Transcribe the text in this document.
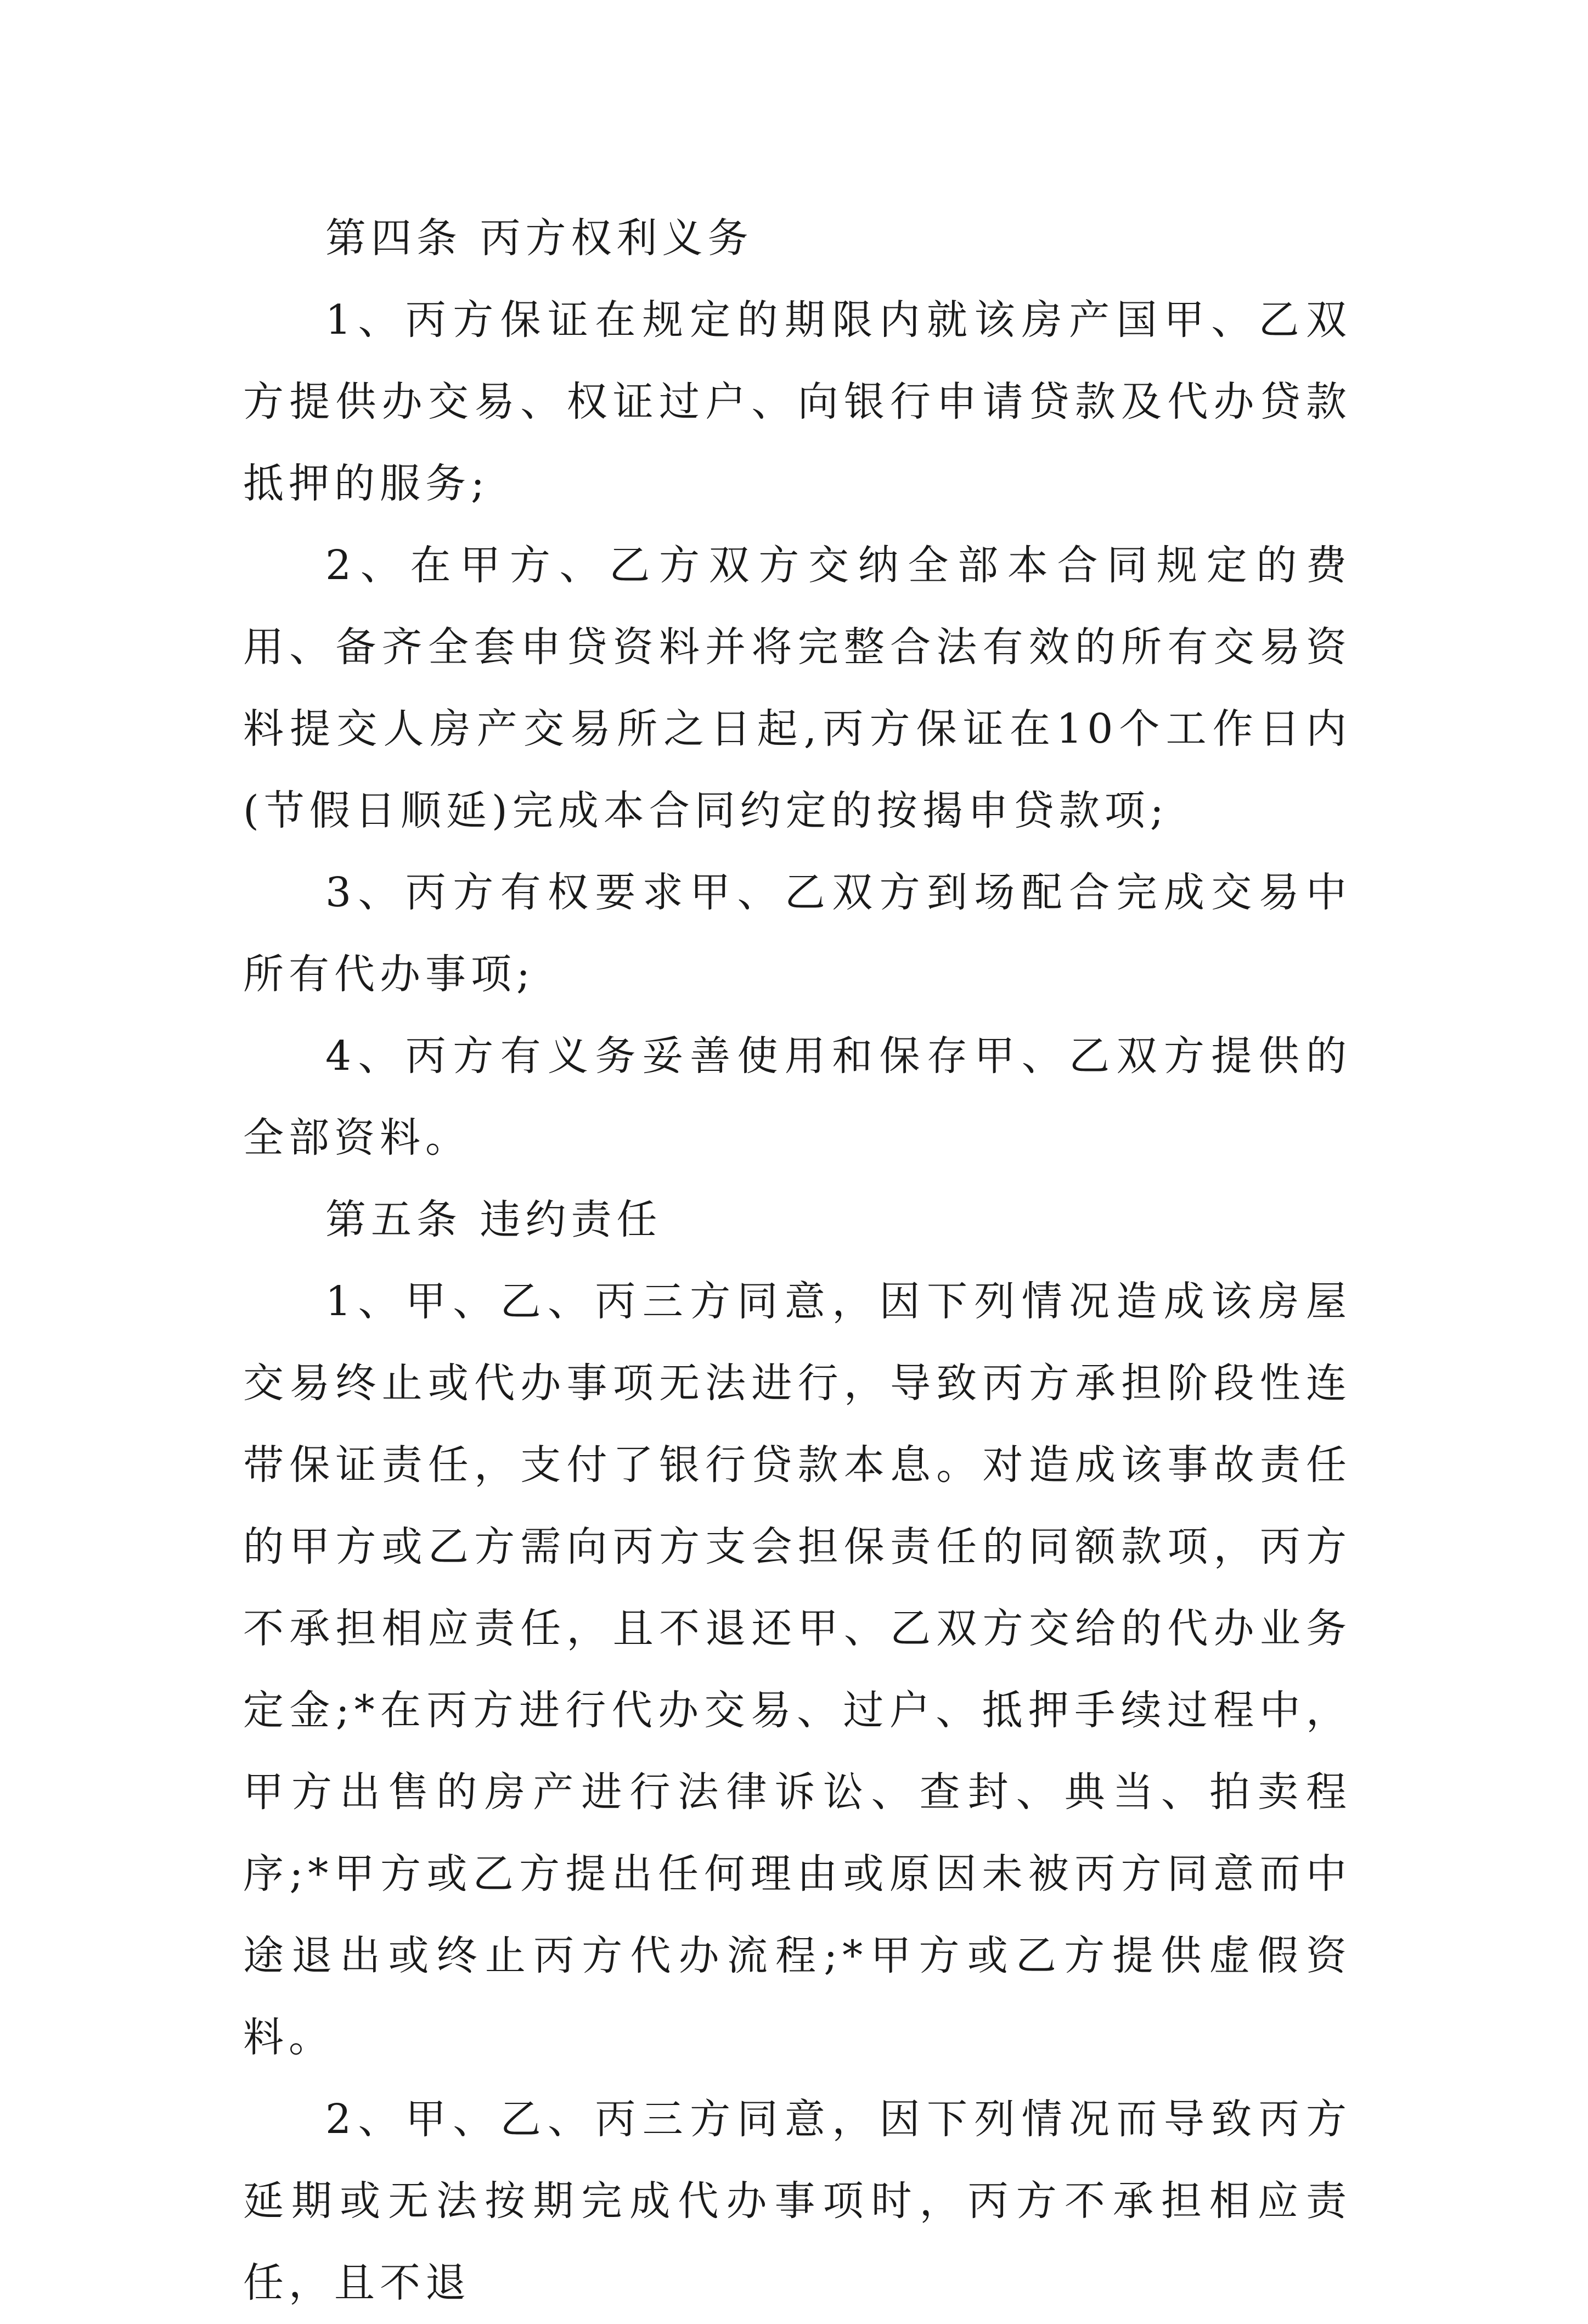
第四条 丙方权利义务

1、丙方保证在规定的期限内就该房产国甲、乙双方提供办交易、权证过户、向银行申请贷款及代办贷款抵押的服务;

2、在甲方、乙方双方交纳全部本合同规定的费用、备齐全套申贷资料并将完整合法有效的所有交易资料提交人房产交易所之日起,丙方保证在10个工作日内(节假日顺延)完成本合同约定的按揭申贷款项;

3、丙方有权要求甲、乙双方到场配合完成交易中所有代办事项;

4、丙方有义务妥善使用和保存甲、乙双方提供的全部资料。

第五条 违约责任

1、甲、乙、丙三方同意，因下列情况造成该房屋交易终止或代办事项无法进行，导致丙方承担阶段性连带保证责任，支付了银行贷款本息。对造成该事故责任的甲方或乙方需向丙方支会担保责任的同额款项，丙方不承担相应责任，且不退还甲、乙双方交给的代办业务定金;*在丙方进行代办交易、过户、抵押手续过程中，甲方出售的房产进行法律诉讼、查封、典当、拍卖程序;*甲方或乙方提出任何理由或原因未被丙方同意而中途退出或终止丙方代办流程;*甲方或乙方提供虚假资料。

2、甲、乙、丙三方同意，因下列情况而导致丙方延期或无法按期完成代办事项时，丙方不承担相应责任，且不退
